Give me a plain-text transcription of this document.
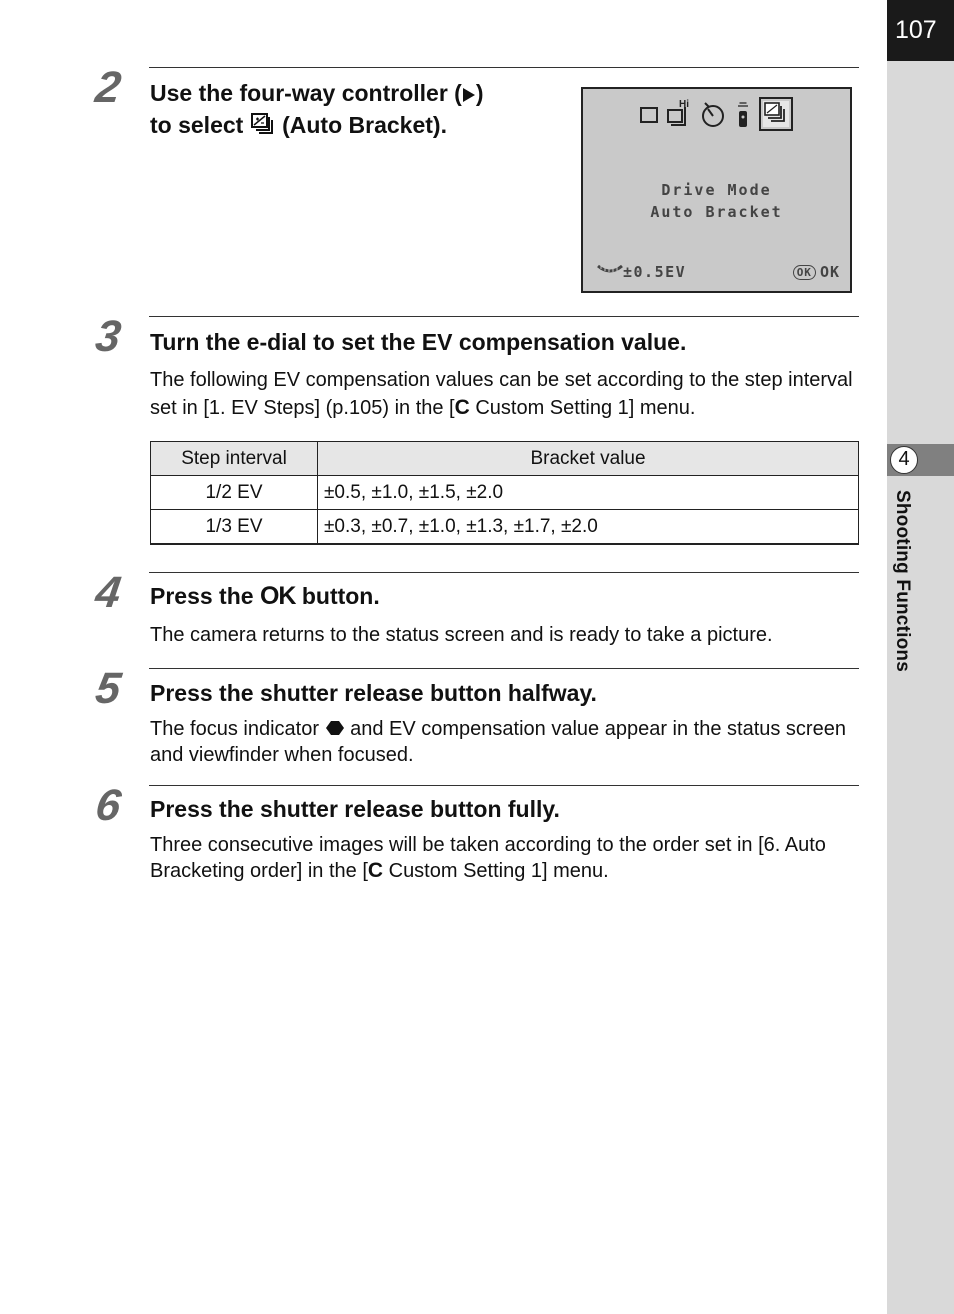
107
4
Shooting Functions
2 Use the four-way controller ( )
to select  (Auto Bracket).
Hi
Drive Mode
Auto Bracket
±0.5EV	OK OK
3 Turn the e-dial to set the EV compensation value.
The following EV compensation values can be set according to the step interval set in [1. EV Steps] (p.105) in the [C Custom Setting 1] menu.
Step interval	Bracket value
1/2 EV	±0.5, ±1.0, ±1.5, ±2.0
1/3 EV	±0.3, ±0.7, ±1.0, ±1.3, ±1.7, ±2.0
4 Press the OK button.
The camera returns to the status screen and is ready to take a picture.
5 Press the shutter release button halfway.
The focus indicator  and EV compensation value appear in the status screen and viewfinder when focused.
6 Press the shutter release button fully.
Three consecutive images will be taken according to the order set in [6. Auto Bracketing order] in the [C Custom Setting 1] menu.
